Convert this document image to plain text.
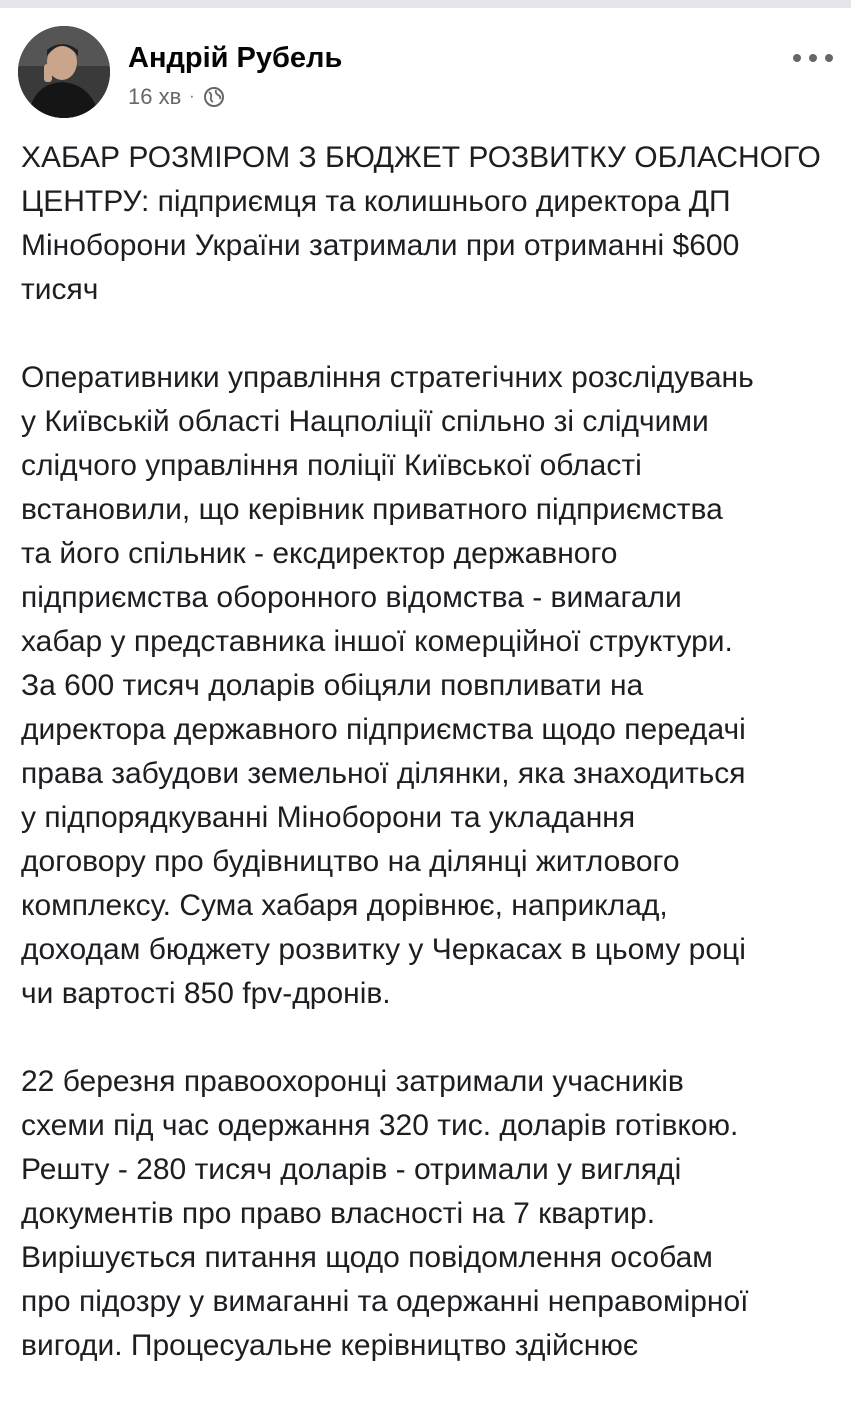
Андрій Рубель
16 хв ·

ХАБАР РОЗМІРОМ З БЮДЖЕТ РОЗВИТКУ ОБЛАСНОГО
ЦЕНТРУ: підприємця та колишнього директора ДП
Міноборони України затримали при отриманні $600
тисяч

Оперативники управління стратегічних розслідувань
у Київській області Нацполіції спільно зі слідчими
слідчого управління поліції Київської області
встановили, що керівник приватного підприємства
та його спільник - ексдиректор державного
підприємства оборонного відомства - вимагали
хабар у представника іншої комерційної структури.
За 600 тисяч доларів обіцяли повпливати на
директора державного підприємства щодо передачі
права забудови земельної ділянки, яка знаходиться
у підпорядкуванні Міноборони та укладання
договору про будівництво на ділянці житлового
комплексу. Сума хабаря дорівнює, наприклад,
доходам бюджету розвитку у Черкасах в цьому році
чи вартості 850 fpv-дронів.

22 березня правоохоронці затримали учасників
схеми під час одержання 320 тис. доларів готівкою.
Решту - 280 тисяч доларів - отримали у вигляді
документів про право власності на 7 квартир.
Вирішується питання щодо повідомлення особам
про підозру у вимаганні та одержанні неправомірної
вигоди. Процесуальне керівництво здійснює
